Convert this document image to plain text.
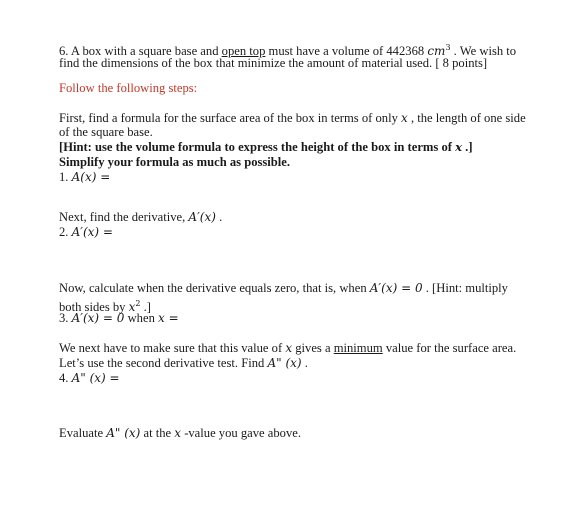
6. A box with a square base and open top must have a volume of 442368 $cm^3$ . We wish to
find the dimensions of the box that minimize the amount of material used. [ 8 points]
Follow the following steps:
First, find a formula for the surface area of the box in terms of only x , the length of one side
of the square base.
[Hint: use the volume formula to express the height of the box in terms of x .]
Simplify your formula as much as possible.
1. A(x) =
Next, find the derivative, A′(x) .
2. A′(x) =
Now, calculate when the derivative equals zero, that is, when A′(x) = 0 . [Hint: multiply
both sides by $x^2$ .]
3. A′(x) = 0 when x =
We next have to make sure that this value of x gives a minimum value for the surface area.
Let’s use the second derivative test. Find A" (x) .
4. A" (x) =
Evaluate A" (x) at the x -value you gave above.
